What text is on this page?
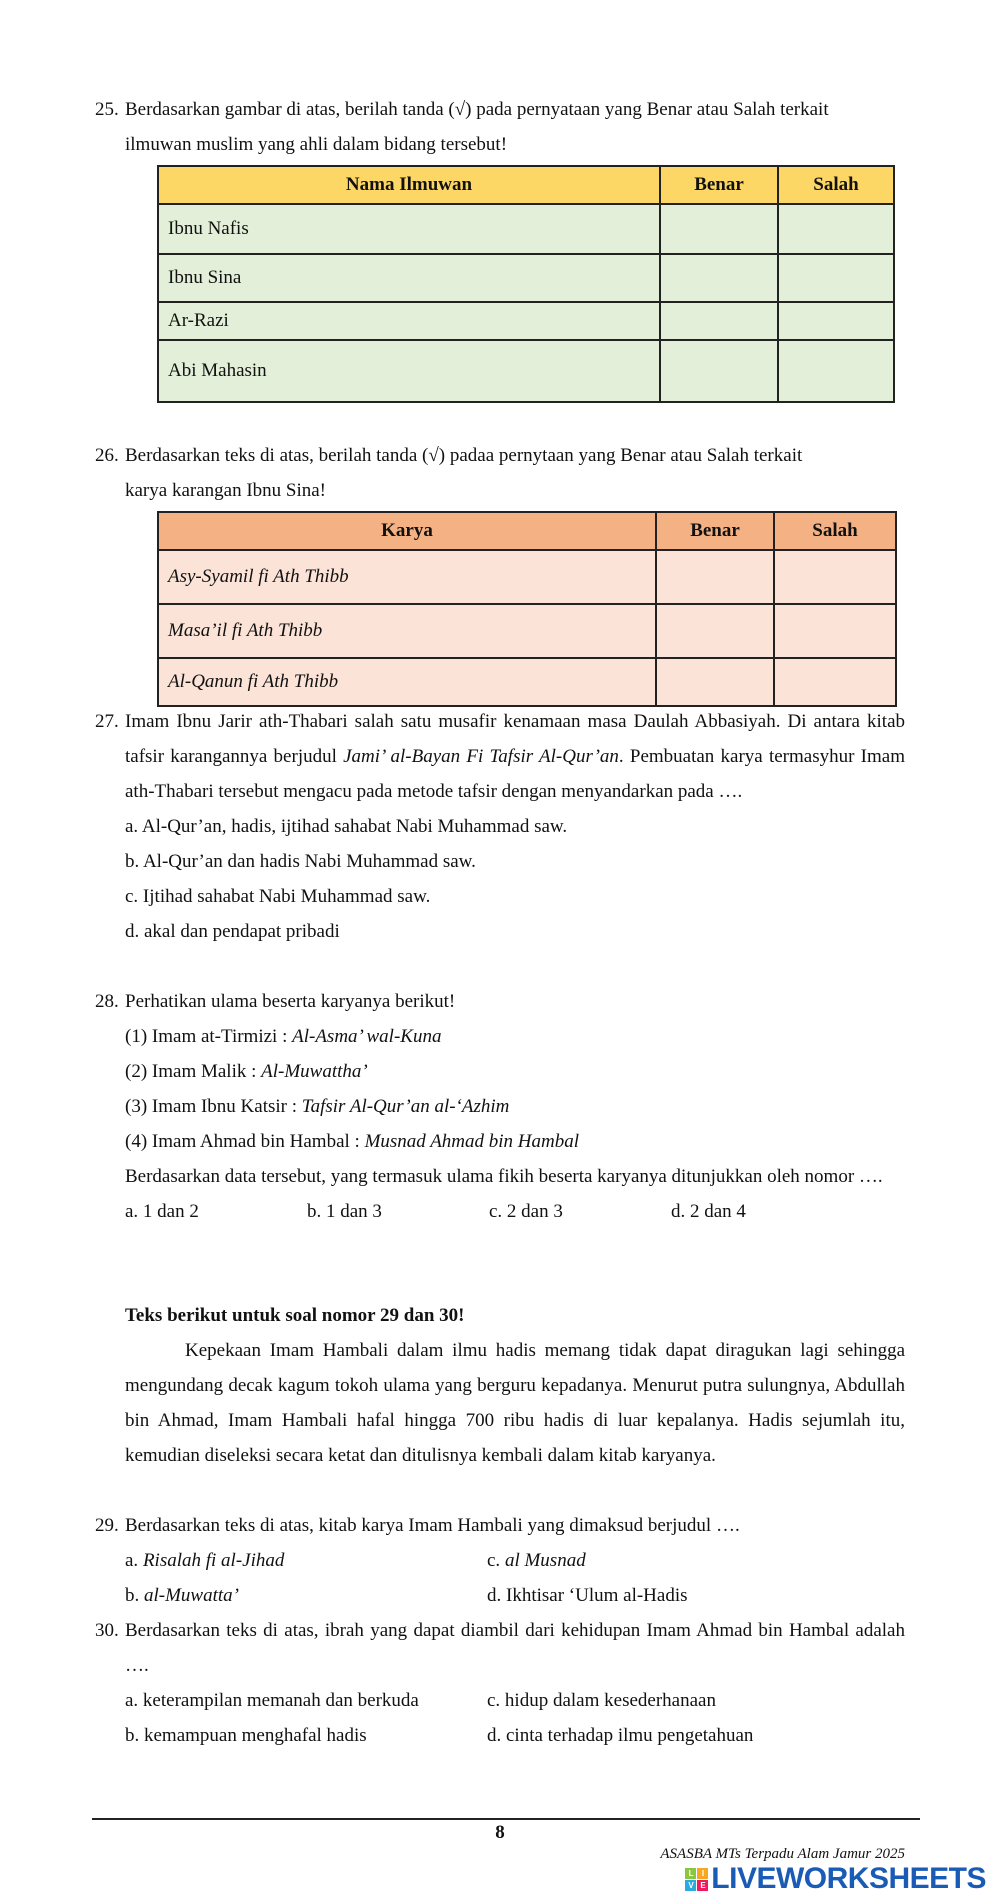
25. Berdasarkan gambar di atas, berilah tanda (√) pada pernyataan yang Benar atau Salah terkait
ilmuwan muslim yang ahli dalam bidang tersebut!

Nama Ilmuwan	Benar	Salah
Ibnu Nafis		
Ibnu Sina		
Ar-Razi		
Abi Mahasin		
26. Berdasarkan teks di atas, berilah tanda (√) padaa pernytaan yang Benar atau Salah terkait
karya karangan Ibnu Sina!

Karya	Benar	Salah
Asy-Syamil fi Ath Thibb		
Masa’il fi Ath Thibb		
Al-Qanun fi Ath Thibb		
27. Imam Ibnu Jarir ath-Thabari salah satu musafir kenamaan masa Daulah Abbasiyah. Di antara kitab tafsir karangannya berjudul Jami’ al-Bayan Fi Tafsir Al-Qur’an. Pembuatan karya termasyhur Imam ath-Thabari tersebut mengacu pada metode tafsir dengan menyandarkan pada ….

a. Al-Qur’an, hadis, ijtihad sahabat Nabi Muhammad saw.

b. Al-Qur’an dan hadis Nabi Muhammad saw.

c. Ijtihad sahabat Nabi Muhammad saw.

d. akal dan pendapat pribadi

28. Perhatikan ulama beserta karyanya berikut!

(1) Imam at-Tirmizi : Al-Asma’ wal-Kuna

(2) Imam Malik : Al-Muwattha’

(3) Imam Ibnu Katsir : Tafsir Al-Qur’an al-‘Azhim

(4) Imam Ahmad bin Hambal : Musnad Ahmad bin Hambal

Berdasarkan data tersebut, yang termasuk ulama fikih beserta karyanya ditunjukkan oleh nomor ….

a. 1 dan 2	b. 1 dan 3	c. 2 dan 3	d. 2 dan 4

Teks berikut untuk soal nomor 29 dan 30!

Kepekaan Imam Hambali dalam ilmu hadis memang tidak dapat diragukan lagi sehingga mengundang decak kagum tokoh ulama yang berguru kepadanya. Menurut putra sulungnya, Abdullah bin Ahmad, Imam Hambali hafal hingga 700 ribu hadis di luar kepalanya. Hadis sejumlah itu, kemudian diseleksi secara ketat dan ditulisnya kembali dalam kitab karyanya.

29. Berdasarkan teks di atas, kitab karya Imam Hambali yang dimaksud berjudul ….

a. Risalah fi al-Jihad	c. al Musnad

b. al-Muwatta’	d. Ikhtisar ‘Ulum al-Hadis

30. Berdasarkan teks di atas, ibrah yang dapat diambil dari kehidupan Imam Ahmad bin Hambal adalah ….

a. keterampilan memanah dan berkuda	c. hidup dalam kesederhanaan

b. kemampuan menghafal hadis	d. cinta terhadap ilmu pengetahuan

8
ASASBA MTs Terpadu Alam Jamur 2025
L	I
V E LIVEWORKSHEETS
